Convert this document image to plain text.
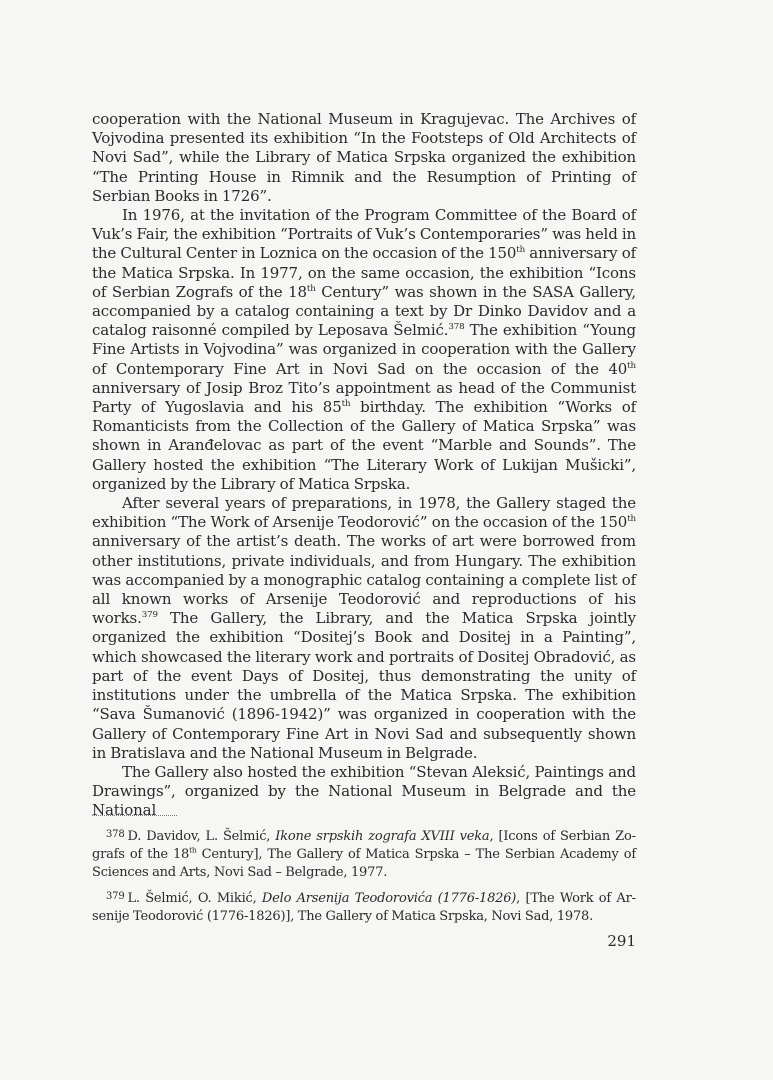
cooperation with the National Museum in Kragujevac. The Archives of Vojvodina presented its exhibition “In the Footsteps of Old Architects of Novi Sad”, while the Library of Matica Srpska organized the exhibition “The Printing House in Rimnik and the Resumption of Printing of Serbian Books in 1726”.

In 1976, at the invitation of the Program Committee of the Board of Vuk’s Fair, the exhibition “Portraits of Vuk’s Contemporaries” was held in the Cultural Center in Loznica on the occasion of the 150th anniversary of the Matica Srpska. In 1977, on the same occasion, the exhibition “Icons of Serbian Zografs of the 18th Century” was shown in the SASA Gallery, accompanied by a catalog containing a text by Dr Dinko Davidov and a catalog raisonné compiled by Leposava Šelmić.$^{378}$ The exhibition “Young Fine Artists in Vojvodina” was organized in cooperation with the Gallery of Contemporary Fine Art in Novi Sad on the occasion of the 40th anniversary of Josip Broz Tito’s appointment as head of the Communist Party of Yugoslavia and his 85th birthday. The exhibition “Works of Romanticists from the Collection of the Gallery of Matica Srpska” was shown in Aranđelovac as part of the event “Marble and Sounds”. The Gallery hosted the exhibition “The Literary Work of Lukijan Mušicki”, organized by the Library of Matica Srpska.

After several years of preparations, in 1978, the Gallery staged the exhibition “The Work of Arsenije Teodorović” on the occasion of the 150th anniversary of the artist’s death. The works of art were borrowed from other institutions, private individuals, and from Hungary. The exhibition was accompanied by a monographic catalog containing a complete list of all known works of Arsenije Teodorović and reproductions of his works.$^{379}$ The Gallery, the Library, and the Matica Srpska jointly organized the exhibition “Dositej’s Book and Dositej in a Painting”, which showcased the literary work and portraits of Dositej Obradović, as part of the event Days of Dositej, thus demonstrating the unity of institutions under the umbrella of the Matica Srpska. The exhibition “Sava Šumanović (1896-1942)” was organized in cooperation with the Gallery of Contemporary Fine Art in Novi Sad and subsequently shown in Bratislava and the National Museum in Belgrade.

The Gallery also hosted the exhibition “Stevan Aleksić, Paintings and Drawings”, organized by the National Museum in Belgrade and the National

$^{378}$ D. Davidov, L. Šelmić, Ikone srpskih zografa XVIII veka, [Icons of Serbian Zografs of the 18th Century], The Gallery of Matica Srpska – The Serbian Academy of Sciences and Arts, Novi Sad – Belgrade, 1977.

$^{379}$ L. Šelmić, O. Mikić, Delo Arsenija Teodorovića (1776-1826), [The Work of Arsenije Teodorović (1776-1826)], The Gallery of Matica Srpska, Novi Sad, 1978.

291
